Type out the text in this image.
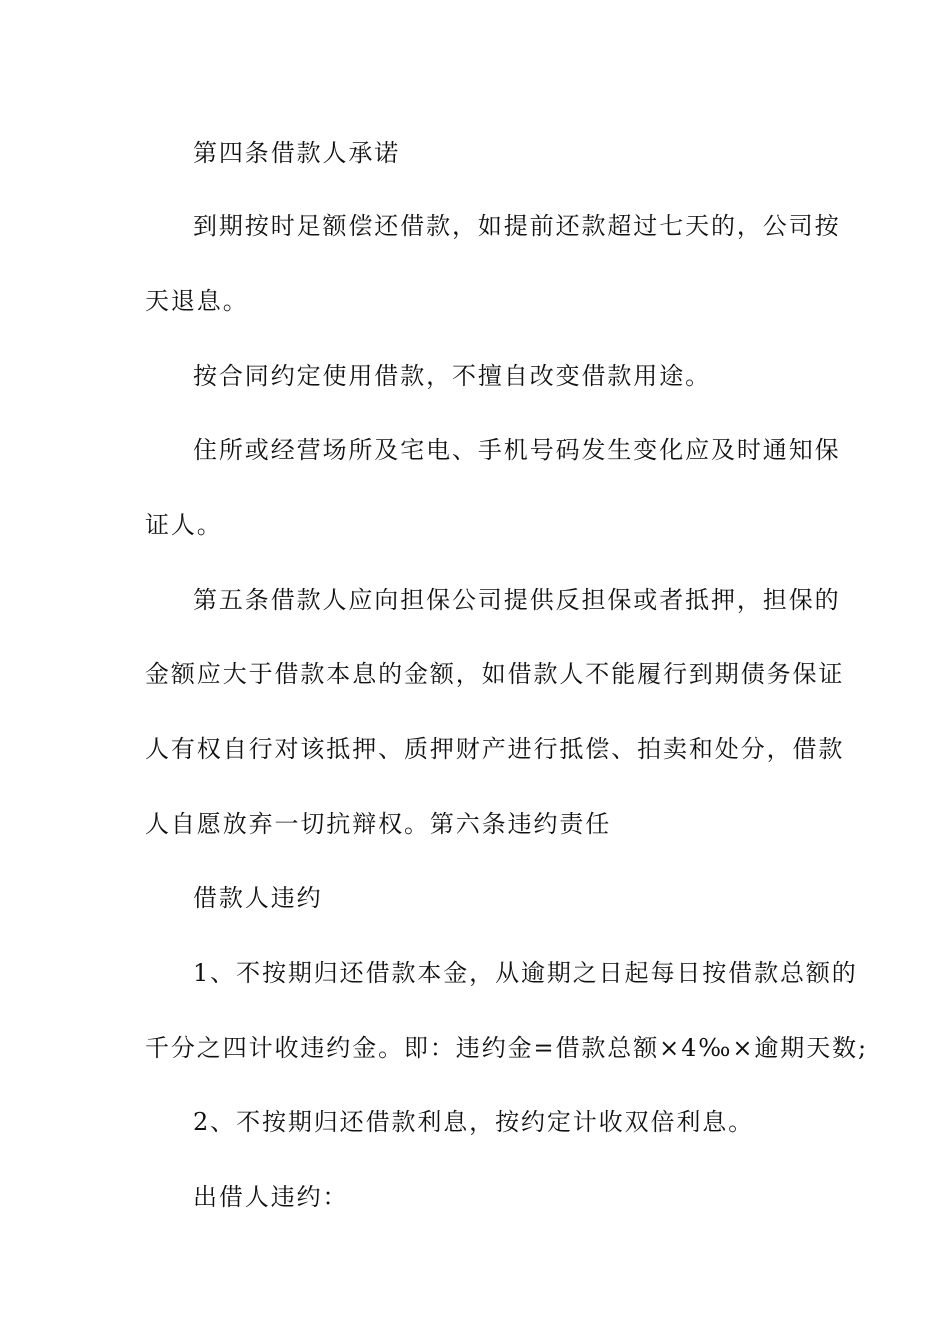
第四条借款人承诺
到期按时足额偿还借款，如提前还款超过七天的，公司按
天退息。
按合同约定使用借款，不擅自改变借款用途。
住所或经营场所及宅电、手机号码发生变化应及时通知保
证人。
第五条借款人应向担保公司提供反担保或者抵押，担保的
金额应大于借款本息的金额，如借款人不能履行到期债务保证
人有权自行对该抵押、质押财产进行抵偿、拍卖和处分，借款
人自愿放弃一切抗辩权。第六条违约责任
借款人违约
1、不按期归还借款本金，从逾期之日起每日按借款总额的
千分之四计收违约金。即：违约金=借款总额×4‰×逾期天数;
2、不按期归还借款利息，按约定计收双倍利息。
出借人违约：
